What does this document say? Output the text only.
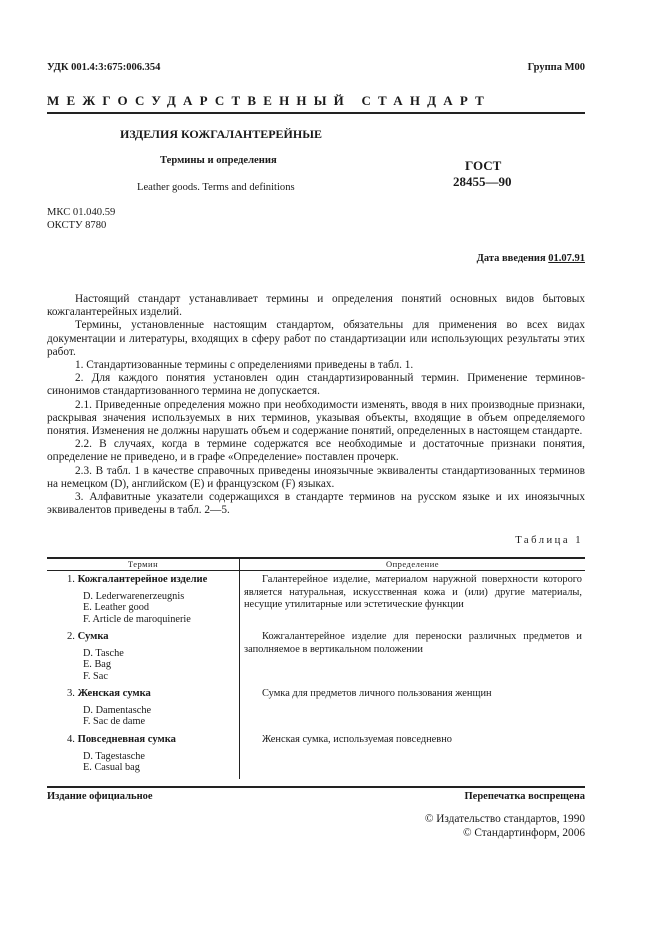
УДК 001.4:3:675:006.354	Группа М00
МЕЖГОСУДАРСТВЕННЫЙ СТАНДАРТ
ИЗДЕЛИЯ КОЖГАЛАНТЕРЕЙНЫЕ
Термины и определения
Leather goods. Terms and definitions
ГОСТ
28455—90
МКС 01.040.59
ОКСТУ 8780
Дата введения 01.07.91

Настоящий стандарт устанавливает термины и определения понятий основных видов бытовых кожгалантерейных изделий.

Термины, установленные настоящим стандартом, обязательны для применения во всех видах документации и литературы, входящих в сферу работ по стандартизации или использующих результаты этих работ.

1. Стандартизованные термины с определениями приведены в табл. 1.

2. Для каждого понятия установлен один стандартизированный термин. Применение терминов-синонимов стандартизованного термина не допускается.

2.1. Приведенные определения можно при необходимости изменять, вводя в них производные признаки, раскрывая значения используемых в них терминов, указывая объекты, входящие в объем определяемого понятия. Изменения не должны нарушать объем и содержание понятий, определенных в настоящем стандарте.

2.2. В случаях, когда в термине содержатся все необходимые и достаточные признаки понятия, определение не приведено, и в графе «Определение» поставлен прочерк.

2.3. В табл. 1 в качестве справочных приведены иноязычные эквиваленты стандартизованных терминов на немецком (D), английском (E) и французском (F) языках.

3. Алфавитные указатели содержащихся в стандарте терминов на русском языке и их иноязычных эквивалентов приведены в табл. 2—5.

Таблица 1
Термин	Определение
1. Кожгалантерейное изделие
D. Lederwarenerzeugnis
E. Leather good
F. Article de maroquinerie
Галантерейное изделие, материалом наружной поверхности которого является натуральная, искусственная кожа и (или) другие материалы, несущие утилитарные или эстетические функции
2. Сумка
D. Tasche
E. Bag
F. Sac
Кожгалантерейное изделие для переноски различных предметов и заполняемое в вертикальном положении
3. Женская сумка
D. Damentasche
F. Sac de dame
Сумка для предметов личного пользования женщин
4. Повседневная сумка
D. Tagestasche
E. Casual bag
Женская сумка, используемая повседневно
Издание официальное	Перепечатка воспрещена
© Издательство стандартов, 1990
© Стандартинформ, 2006
